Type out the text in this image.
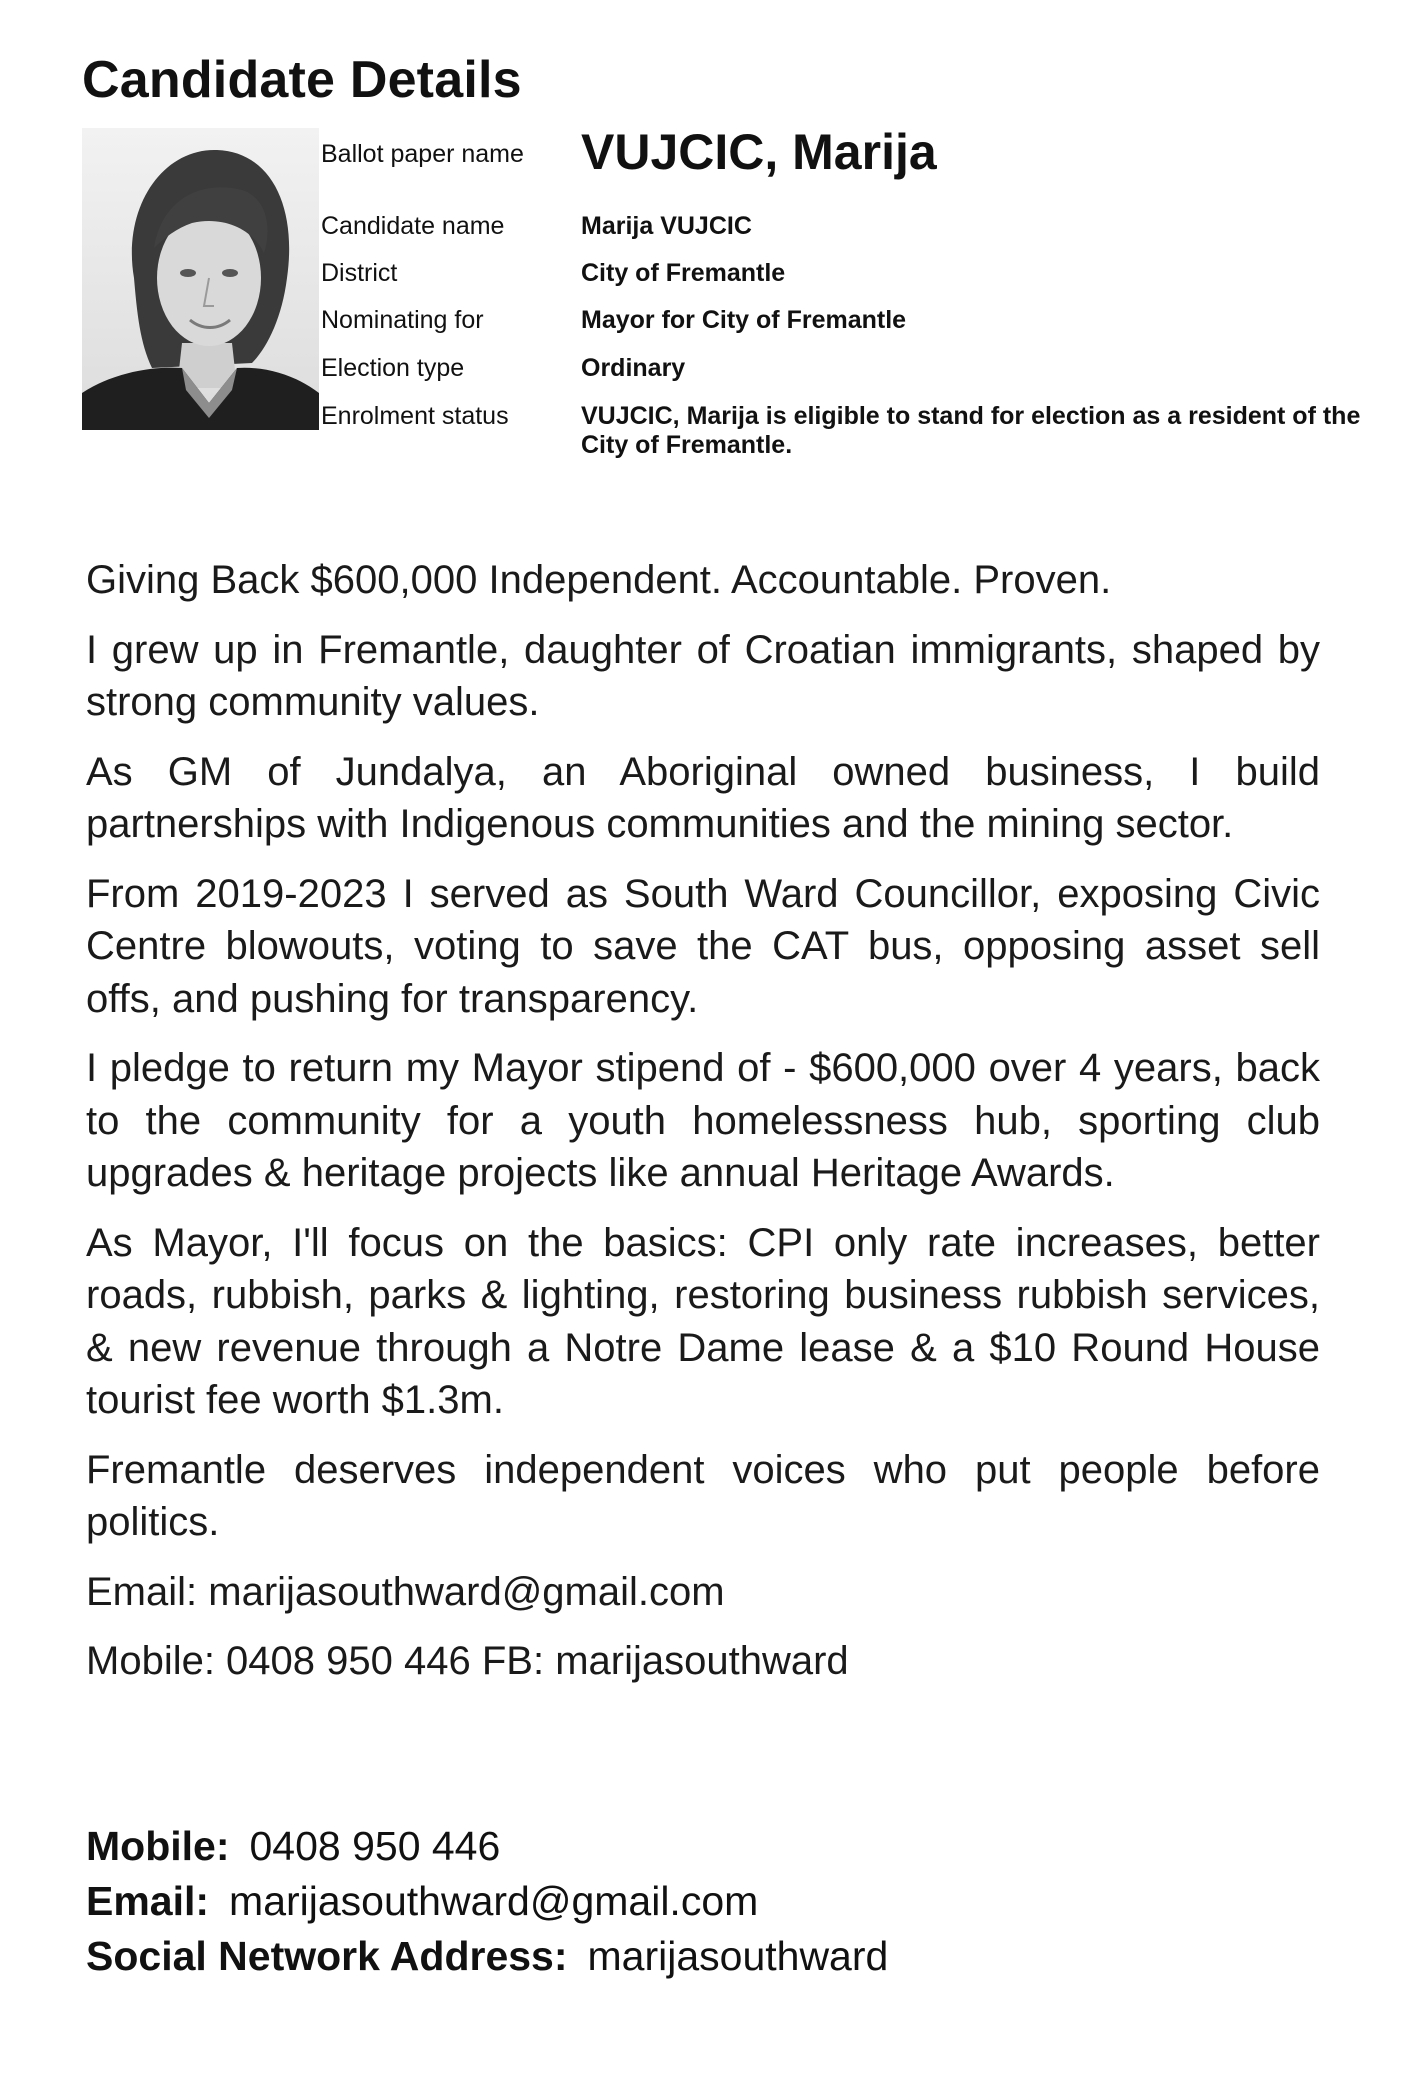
Candidate Details
Ballot paper name VUJCIC, Marija
Candidate name	Marija VUJCIC
District	City of Fremantle
Nominating for	Mayor for City of Fremantle
Election type	Ordinary
Enrolment status	VUJCIC, Marija is eligible to stand for election as a resident of the City of Fremantle.

Giving Back $600,000 Independent. Accountable. Proven.

I grew up in Fremantle, daughter of Croatian immigrants, shaped by strong community values.

As GM of Jundalya, an Aboriginal owned business, I build partnerships with Indigenous communities and the mining sector.

From 2019-2023 I served as South Ward Councillor, exposing Civic Centre blowouts, voting to save the CAT bus, opposing asset sell offs, and pushing for transparency.

I pledge to return my Mayor stipend of - $600,000 over 4 years, back to the community for a youth homelessness hub, sporting club upgrades & heritage projects like annual Heritage Awards.

As Mayor, I'll focus on the basics: CPI only rate increases, better roads, rubbish, parks & lighting, restoring business rubbish services, & new revenue through a Notre Dame lease & a $10 Round House tourist fee worth $1.3m.

Fremantle deserves independent voices who put people before politics.

Email: marijasouthward@gmail.com

Mobile: 0408 950 446 FB: marijasouthward

Mobile: 0408 950 446
Email: marijasouthward@gmail.com
Social Network Address: marijasouthward
